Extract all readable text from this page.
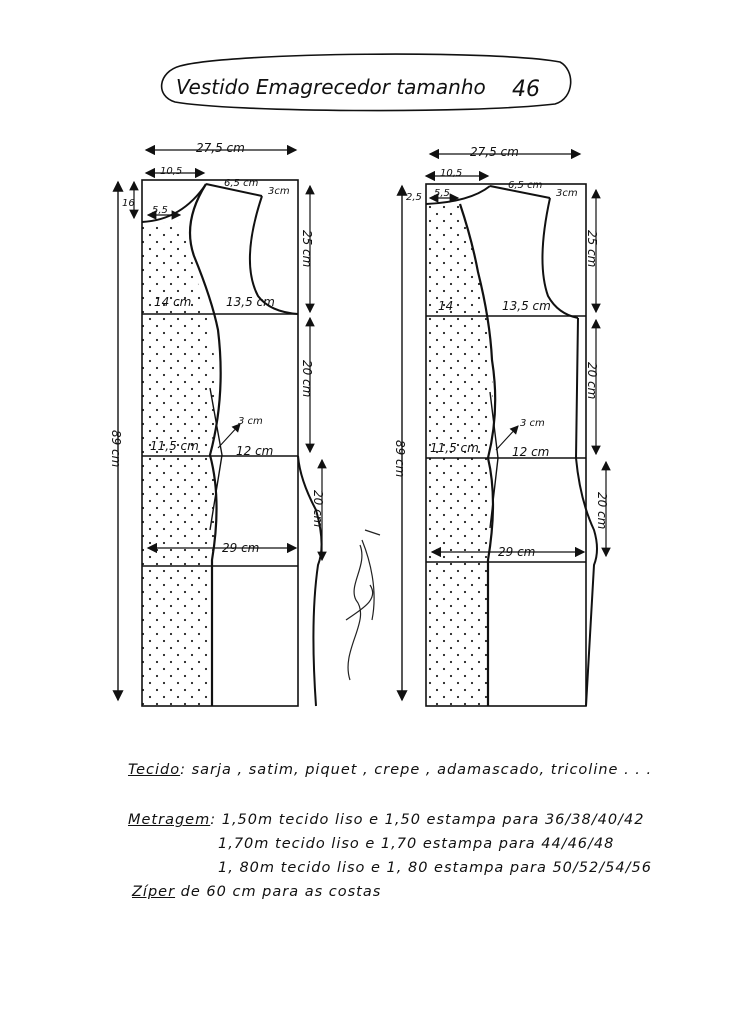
Vestido Emagrecedor tamanho 46
27,5 cm
10,5
6,5 cm
3cm
16
5,5
25 cm
14 cm	13,5 cm
20 cm
3 cm
11,5 cm	12 cm
20 cm
29 cm
89 cm
27,5 cm
10,5
6,5 cm
3cm
2,5 5,5
25 cm
14	13,5 cm
20 cm
3 cm
11,5 cm	12 cm
20 cm
29 cm
89 cm
Tecido: sarja , satim, piquet , crepe , adamascado, tricoline . . .
Metragem: 1,50m tecido liso e 1,50 estampa para 36/38/40/42
1,70m tecido liso e 1,70 estampa para 44/46/48
1, 80m tecido liso e 1, 80 estampa para 50/52/54/56
Zíper de 60 cm para as costas
